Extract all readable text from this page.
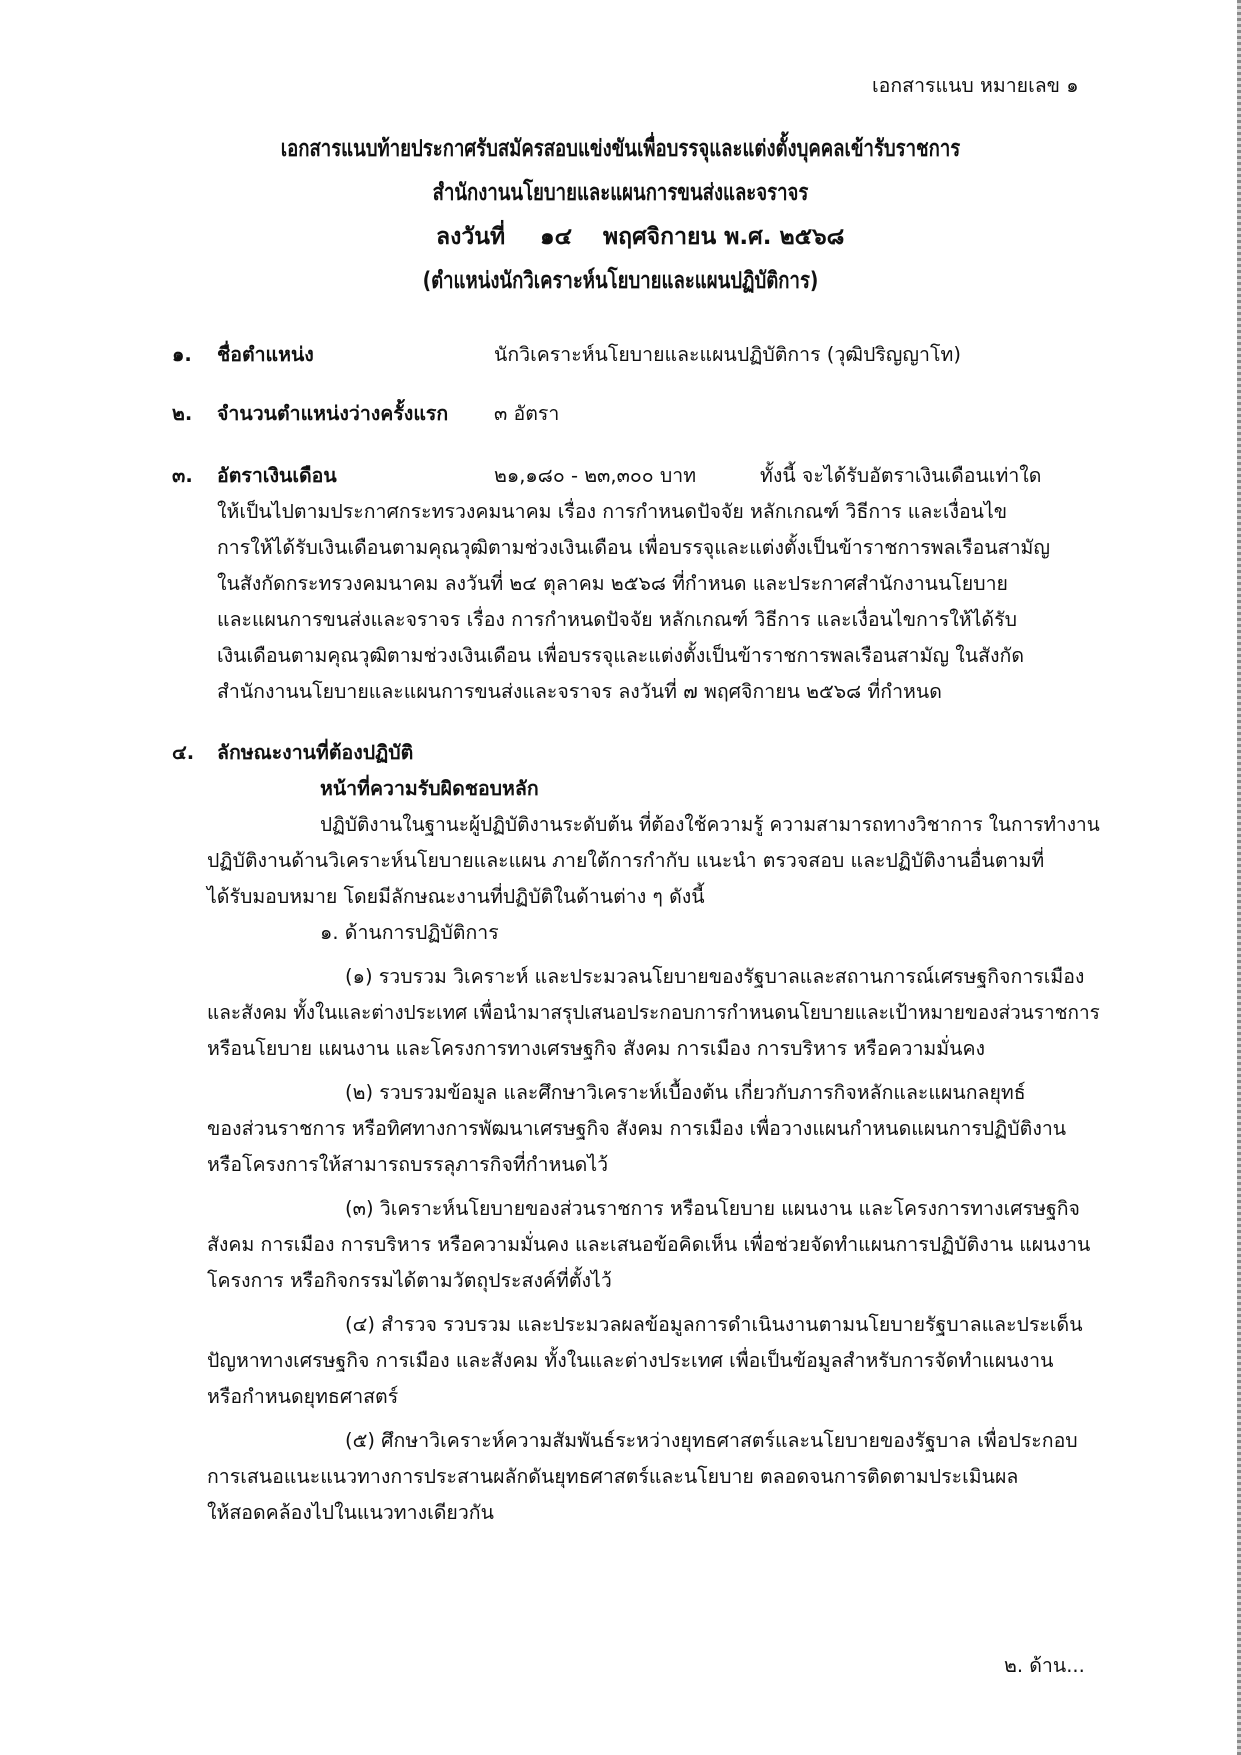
เอกสารแนบ หมายเลข ๑
เอกสารแนบท้ายประกาศรับสมัครสอบแข่งขันเพื่อบรรจุและแต่งตั้งบุคคลเข้ารับราชการ
สำนักงานนโยบายและแผนการขนส่งและจราจร
ลงวันที่ ๑๔ พฤศจิกายน พ.ศ. ๒๕๖๘
(ตำแหน่งนักวิเคราะห์นโยบายและแผนปฏิบัติการ)
๑. ชื่อตำแหน่ง	นักวิเคราะห์นโยบายและแผนปฏิบัติการ (วุฒิปริญญาโท)
๒. จำนวนตำแหน่งว่างครั้งแรก ๓ อัตรา
๓. อัตราเงินเดือน	๒๑,๑๘๐ - ๒๓,๓๐๐ บาท	ทั้งนี้ จะได้รับอัตราเงินเดือนเท่าใด
ให้เป็นไปตามประกาศกระทรวงคมนาคม เรื่อง การกำหนดปัจจัย หลักเกณฑ์ วิธีการ และเงื่อนไข
การให้ได้รับเงินเดือนตามคุณวุฒิตามช่วงเงินเดือน เพื่อบรรจุและแต่งตั้งเป็นข้าราชการพลเรือนสามัญ
ในสังกัดกระทรวงคมนาคม ลงวันที่ ๒๔ ตุลาคม ๒๕๖๘ ที่กำหนด และประกาศสำนักงานนโยบาย
และแผนการขนส่งและจราจร เรื่อง การกำหนดปัจจัย หลักเกณฑ์ วิธีการ และเงื่อนไขการให้ได้รับ
เงินเดือนตามคุณวุฒิตามช่วงเงินเดือน เพื่อบรรจุและแต่งตั้งเป็นข้าราชการพลเรือนสามัญ ในสังกัด
สำนักงานนโยบายและแผนการขนส่งและจราจร ลงวันที่ ๗ พฤศจิกายน ๒๕๖๘ ที่กำหนด
๔. ลักษณะงานที่ต้องปฏิบัติ
หน้าที่ความรับผิดชอบหลัก
ปฏิบัติงานในฐานะผู้ปฏิบัติงานระดับต้น ที่ต้องใช้ความรู้ ความสามารถทางวิชาการ ในการทำงาน
ปฏิบัติงานด้านวิเคราะห์นโยบายและแผน ภายใต้การกำกับ แนะนำ ตรวจสอบ และปฏิบัติงานอื่นตามที่
ได้รับมอบหมาย โดยมีลักษณะงานที่ปฏิบัติในด้านต่าง ๆ ดังนี้
๑. ด้านการปฏิบัติการ
(๑) รวบรวม วิเคราะห์ และประมวลนโยบายของรัฐบาลและสถานการณ์เศรษฐกิจการเมือง
และสังคม ทั้งในและต่างประเทศ เพื่อนำมาสรุปเสนอประกอบการกำหนดนโยบายและเป้าหมายของส่วนราชการ
หรือนโยบาย แผนงาน และโครงการทางเศรษฐกิจ สังคม การเมือง การบริหาร หรือความมั่นคง
(๒) รวบรวมข้อมูล และศึกษาวิเคราะห์เบื้องต้น เกี่ยวกับภารกิจหลักและแผนกลยุทธ์
ของส่วนราชการ หรือทิศทางการพัฒนาเศรษฐกิจ สังคม การเมือง เพื่อวางแผนกำหนดแผนการปฏิบัติงาน
หรือโครงการให้สามารถบรรลุภารกิจที่กำหนดไว้
(๓) วิเคราะห์นโยบายของส่วนราชการ หรือนโยบาย แผนงาน และโครงการทางเศรษฐกิจ
สังคม การเมือง การบริหาร หรือความมั่นคง และเสนอข้อคิดเห็น เพื่อช่วยจัดทำแผนการปฏิบัติงาน แผนงาน
โครงการ หรือกิจกรรมได้ตามวัตถุประสงค์ที่ตั้งไว้
(๔) สำรวจ รวบรวม และประมวลผลข้อมูลการดำเนินงานตามนโยบายรัฐบาลและประเด็น
ปัญหาทางเศรษฐกิจ การเมือง และสังคม ทั้งในและต่างประเทศ เพื่อเป็นข้อมูลสำหรับการจัดทำแผนงาน
หรือกำหนดยุทธศาสตร์
(๕) ศึกษาวิเคราะห์ความสัมพันธ์ระหว่างยุทธศาสตร์และนโยบายของรัฐบาล เพื่อประกอบ
การเสนอแนะแนวทางการประสานผลักดันยุทธศาสตร์และนโยบาย ตลอดจนการติดตามประเมินผล
ให้สอดคล้องไปในแนวทางเดียวกัน
๒. ด้าน...
